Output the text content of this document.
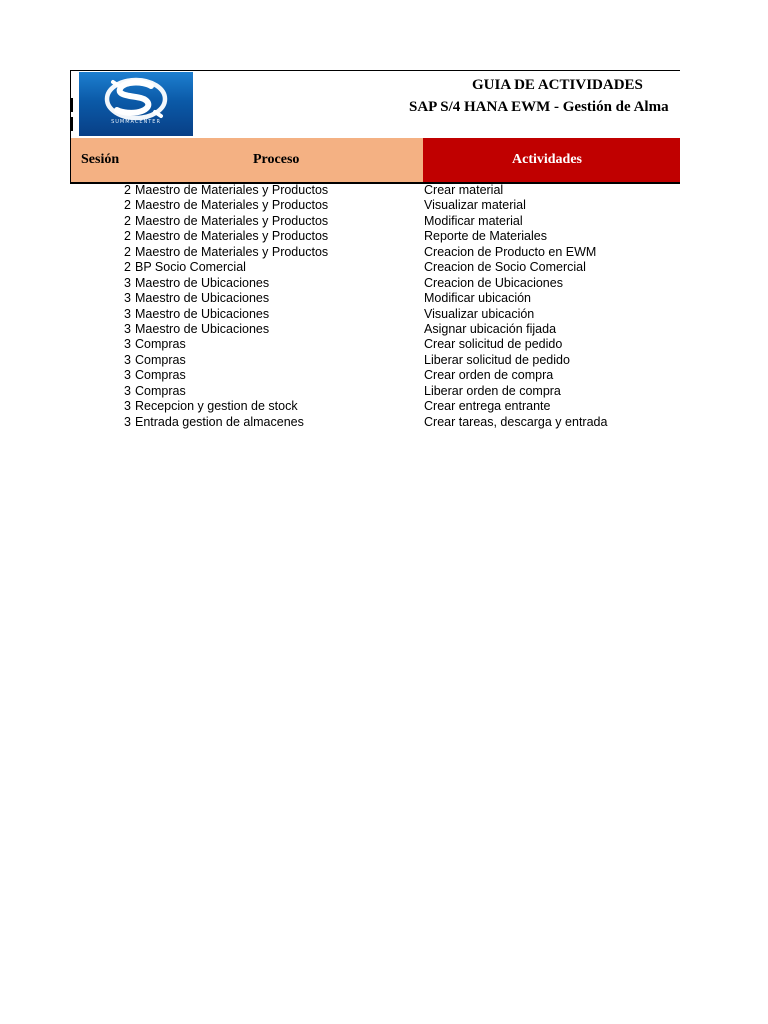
SUMMACENTER
GUIA DE ACTIVIDADES
SAP S/4 HANA EWM - Gestión de Alma
Sesión	Proceso	Actividades
2 Maestro de Materiales y Productos	Crear material
2 Maestro de Materiales y Productos	Visualizar material
2 Maestro de Materiales y Productos	Modificar material
2 Maestro de Materiales y Productos	Reporte de Materiales
2 Maestro de Materiales y Productos	Creacion de Producto en EWM
2 BP Socio Comercial	Creacion de Socio Comercial
3 Maestro de Ubicaciones	Creacion de Ubicaciones
3 Maestro de Ubicaciones	Modificar ubicación
3 Maestro de Ubicaciones	Visualizar ubicación
3 Maestro de Ubicaciones	Asignar ubicación fijada
3 Compras	Crear solicitud de pedido
3 Compras	Liberar solicitud de pedido
3 Compras	Crear orden de compra
3 Compras	Liberar orden de compra
3 Recepcion y gestion de stock	Crear entrega entrante
3 Entrada gestion de almacenes	Crear tareas, descarga y entrada
